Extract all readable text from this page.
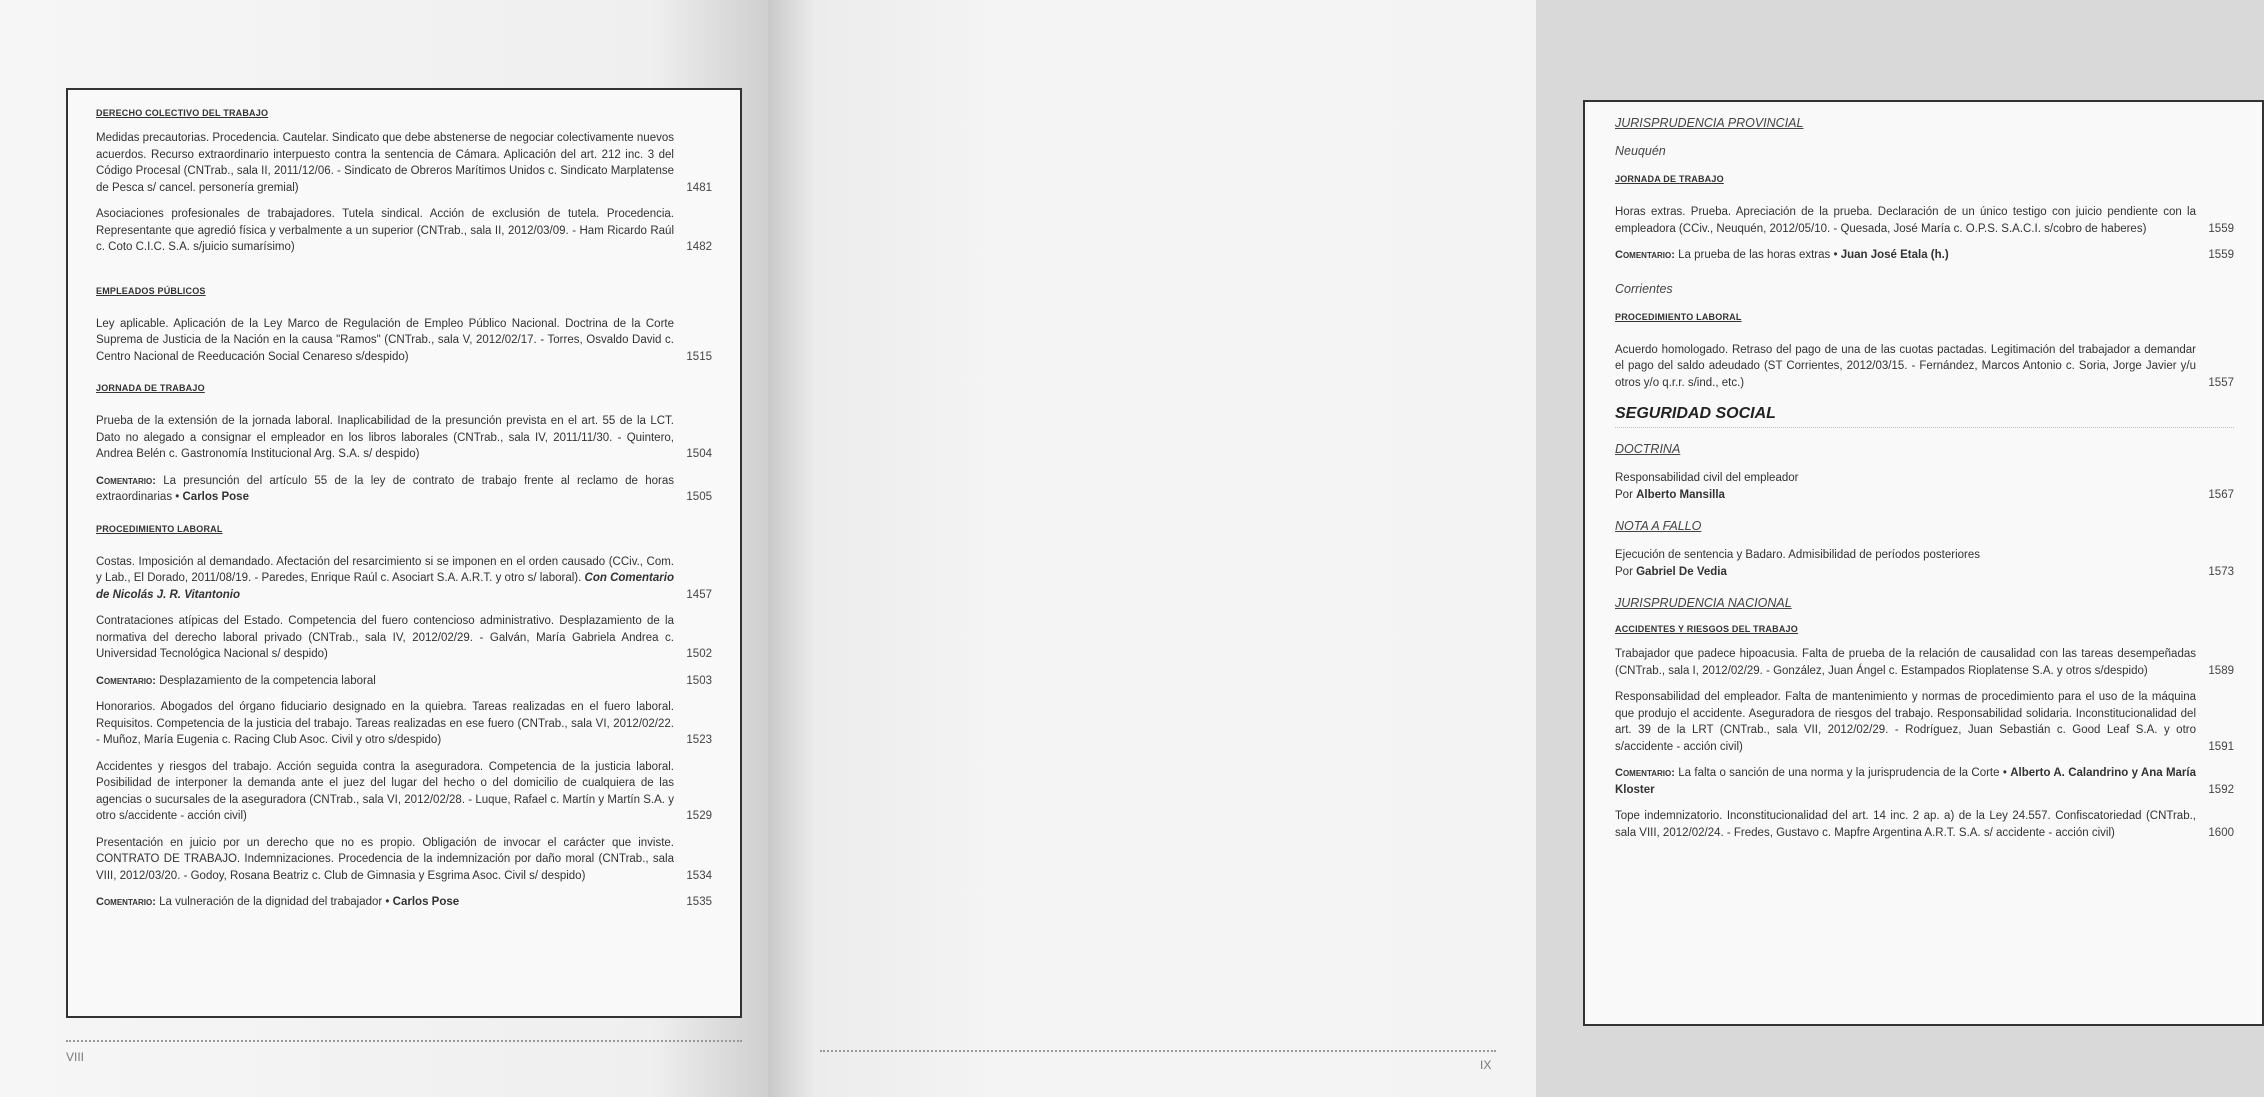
DERECHO COLECTIVO DEL TRABAJO
Medidas precautorias. Procedencia. Cautelar. Sindicato que debe abstenerse de negociar colectivamente nuevos acuerdos. Recurso extraordinario interpuesto contra la sentencia de Cámara. Aplicación del art. 212 inc. 3 del Código Procesal (CNTrab., sala II, 2011/12/06. - Sindicato de Obreros Marítimos Unidos c. Sindicato Marplatense de Pesca s/ cancel. personería gremial)	1481
Asociaciones profesionales de trabajadores. Tutela sindical. Acción de exclusión de tutela. Procedencia. Representante que agredió física y verbalmente a un superior (CNTrab., sala II, 2012/03/09. - Ham Ricardo Raúl c. Coto C.I.C. S.A. s/juicio sumarísimo)	1482
EMPLEADOS PÚBLICOS
Ley aplicable. Aplicación de la Ley Marco de Regulación de Empleo Público Nacional. Doctrina de la Corte Suprema de Justicia de la Nación en la causa "Ramos" (CNTrab., sala V, 2012/02/17. - Torres, Osvaldo David c. Centro Nacional de Reeducación Social Cenareso s/despido)	1515
JORNADA DE TRABAJO
Prueba de la extensión de la jornada laboral. Inaplicabilidad de la presunción prevista en el art. 55 de la LCT. Dato no alegado a consignar el empleador en los libros laborales (CNTrab., sala IV, 2011/11/30. - Quintero, Andrea Belén c. Gastronomía Institucional Arg. S.A. s/ despido)	1504
Comentario: La presunción del artículo 55 de la ley de contrato de trabajo frente al reclamo de horas extraordinarias • Carlos Pose	1505
PROCEDIMIENTO LABORAL
Costas. Imposición al demandado. Afectación del resarcimiento si se imponen en el orden causado (CCiv., Com. y Lab., El Dorado, 2011/08/19. - Paredes, Enrique Raúl c. Asociart S.A. A.R.T. y otro s/ laboral). Con Comentario de Nicolás J. R. Vitantonio	1457
Contrataciones atípicas del Estado. Competencia del fuero contencioso administrativo. Desplazamiento de la normativa del derecho laboral privado (CNTrab., sala IV, 2012/02/29. - Galván, María Gabriela Andrea c. Universidad Tecnológica Nacional s/ despido)	1502
Comentario: Desplazamiento de la competencia laboral	1503
Honorarios. Abogados del órgano fiduciario designado en la quiebra. Tareas realizadas en el fuero laboral. Requisitos. Competencia de la justicia del trabajo. Tareas realizadas en ese fuero (CNTrab., sala VI, 2012/02/22. - Muñoz, María Eugenia c. Racing Club Asoc. Civil y otro s/despido)	1523
Accidentes y riesgos del trabajo. Acción seguida contra la aseguradora. Competencia de la justicia laboral. Posibilidad de interponer la demanda ante el juez del lugar del hecho o del domicilio de cualquiera de las agencias o sucursales de la aseguradora (CNTrab., sala VI, 2012/02/28. - Luque, Rafael c. Martín y Martín S.A. y otro s/accidente - acción civil)	1529
Presentación en juicio por un derecho que no es propio. Obligación de invocar el carácter que inviste. CONTRATO DE TRABAJO. Indemnizaciones. Procedencia de la indemnización por daño moral (CNTrab., sala VIII, 2012/03/20. - Godoy, Rosana Beatriz c. Club de Gimnasia y Esgrima Asoc. Civil s/ despido)	1534
Comentario: La vulneración de la dignidad del trabajador • Carlos Pose	1535
VIII
JURISPRUDENCIA PROVINCIAL
Neuquén
JORNADA DE TRABAJO
Horas extras. Prueba. Apreciación de la prueba. Declaración de un único testigo con juicio pendiente con la empleadora (CCiv., Neuquén, 2012/05/10. - Quesada, José María c. O.P.S. S.A.C.I. s/cobro de haberes)	1559
Comentario: La prueba de las horas extras • Juan José Etala (h.)	1559
Corrientes
PROCEDIMIENTO LABORAL
Acuerdo homologado. Retraso del pago de una de las cuotas pactadas. Legitimación del trabajador a demandar el pago del saldo adeudado (ST Corrientes, 2012/03/15. - Fernández, Marcos Antonio c. Soria, Jorge Javier y/u otros y/o q.r.r. s/ind., etc.)	1557
SEGURIDAD SOCIAL
DOCTRINA
Responsabilidad civil del empleador
Por Alberto Mansilla	1567
NOTA A FALLO
Ejecución de sentencia y Badaro. Admisibilidad de períodos posteriores
Por Gabriel De Vedia	1573
JURISPRUDENCIA NACIONAL
ACCIDENTES Y RIESGOS DEL TRABAJO
Trabajador que padece hipoacusia. Falta de prueba de la relación de causalidad con las tareas desempeñadas (CNTrab., sala I, 2012/02/29. - González, Juan Ángel c. Estampados Rioplatense S.A. y otros s/despido)	1589
Responsabilidad del empleador. Falta de mantenimiento y normas de procedimiento para el uso de la máquina que produjo el accidente. Aseguradora de riesgos del trabajo. Responsabilidad solidaria. Inconstitucionalidad del art. 39 de la LRT (CNTrab., sala VII, 2012/02/29. - Rodríguez, Juan Sebastián c. Good Leaf S.A. y otro s/accidente - acción civil)	1591
Comentario: La falta o sanción de una norma y la jurisprudencia de la Corte • Alberto A. Calandrino y Ana María Kloster	1592
Tope indemnizatorio. Inconstitucionalidad del art. 14 inc. 2 ap. a) de la Ley 24.557. Confiscatoriedad (CNTrab., sala VIII, 2012/02/24. - Fredes, Gustavo c. Mapfre Argentina A.R.T. S.A. s/ accidente - acción civil)	1600
IX
